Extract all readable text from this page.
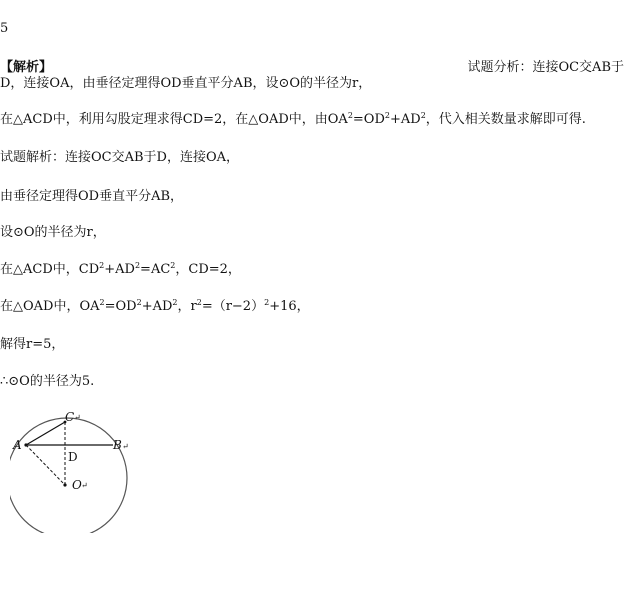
5
【解析】	试题分析：连接OC交AB于
D，连接OA，由垂径定理得OD垂直平分AB，设⊙O的半径为r，
在△ACD中，利用勾股定理求得CD=2，在△OAD中，由$OA^2=OD^2+AD^2$，代入相关数量求解即可得.
试题解析：连接OC交AB于D，连接OA，
由垂径定理得OD垂直平分AB，
设⊙O的半径为r，
在△ACD中，$CD^2+AD^2=AC^2$，CD=2，
在△OAD中，$OA^2=OD^2+AD^2$，$r^2=(r-2)^2+16$，
解得r=5，
∴⊙O的半径为5.
A	B ↵
C ↵
D
O ↵
